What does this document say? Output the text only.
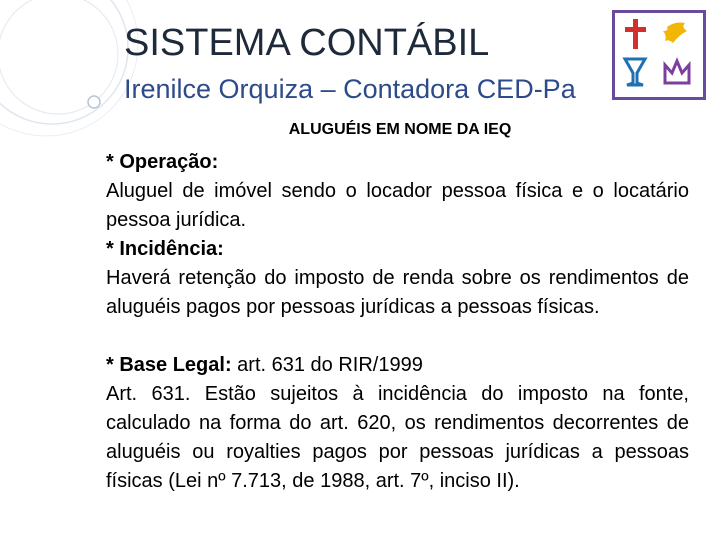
SISTEMA CONTÁBIL
Irenilce Orquiza – Contadora CED-Pa
ALUGUÉIS EM NOME DA IEQ

* Operação:

Aluguel de imóvel sendo o locador pessoa física e o locatário pessoa jurídica.

* Incidência:

Haverá retenção do imposto de renda sobre os rendimentos de aluguéis pagos por pessoas jurídicas a pessoas físicas.

* Base Legal: art. 631 do RIR/1999

Art. 631. Estão sujeitos à incidência do imposto na fonte, calculado na forma do art. 620, os rendimentos decorrentes de aluguéis ou royalties pagos por pessoas jurídicas a pessoas físicas (Lei nº 7.713, de 1988, art. 7º, inciso II).
